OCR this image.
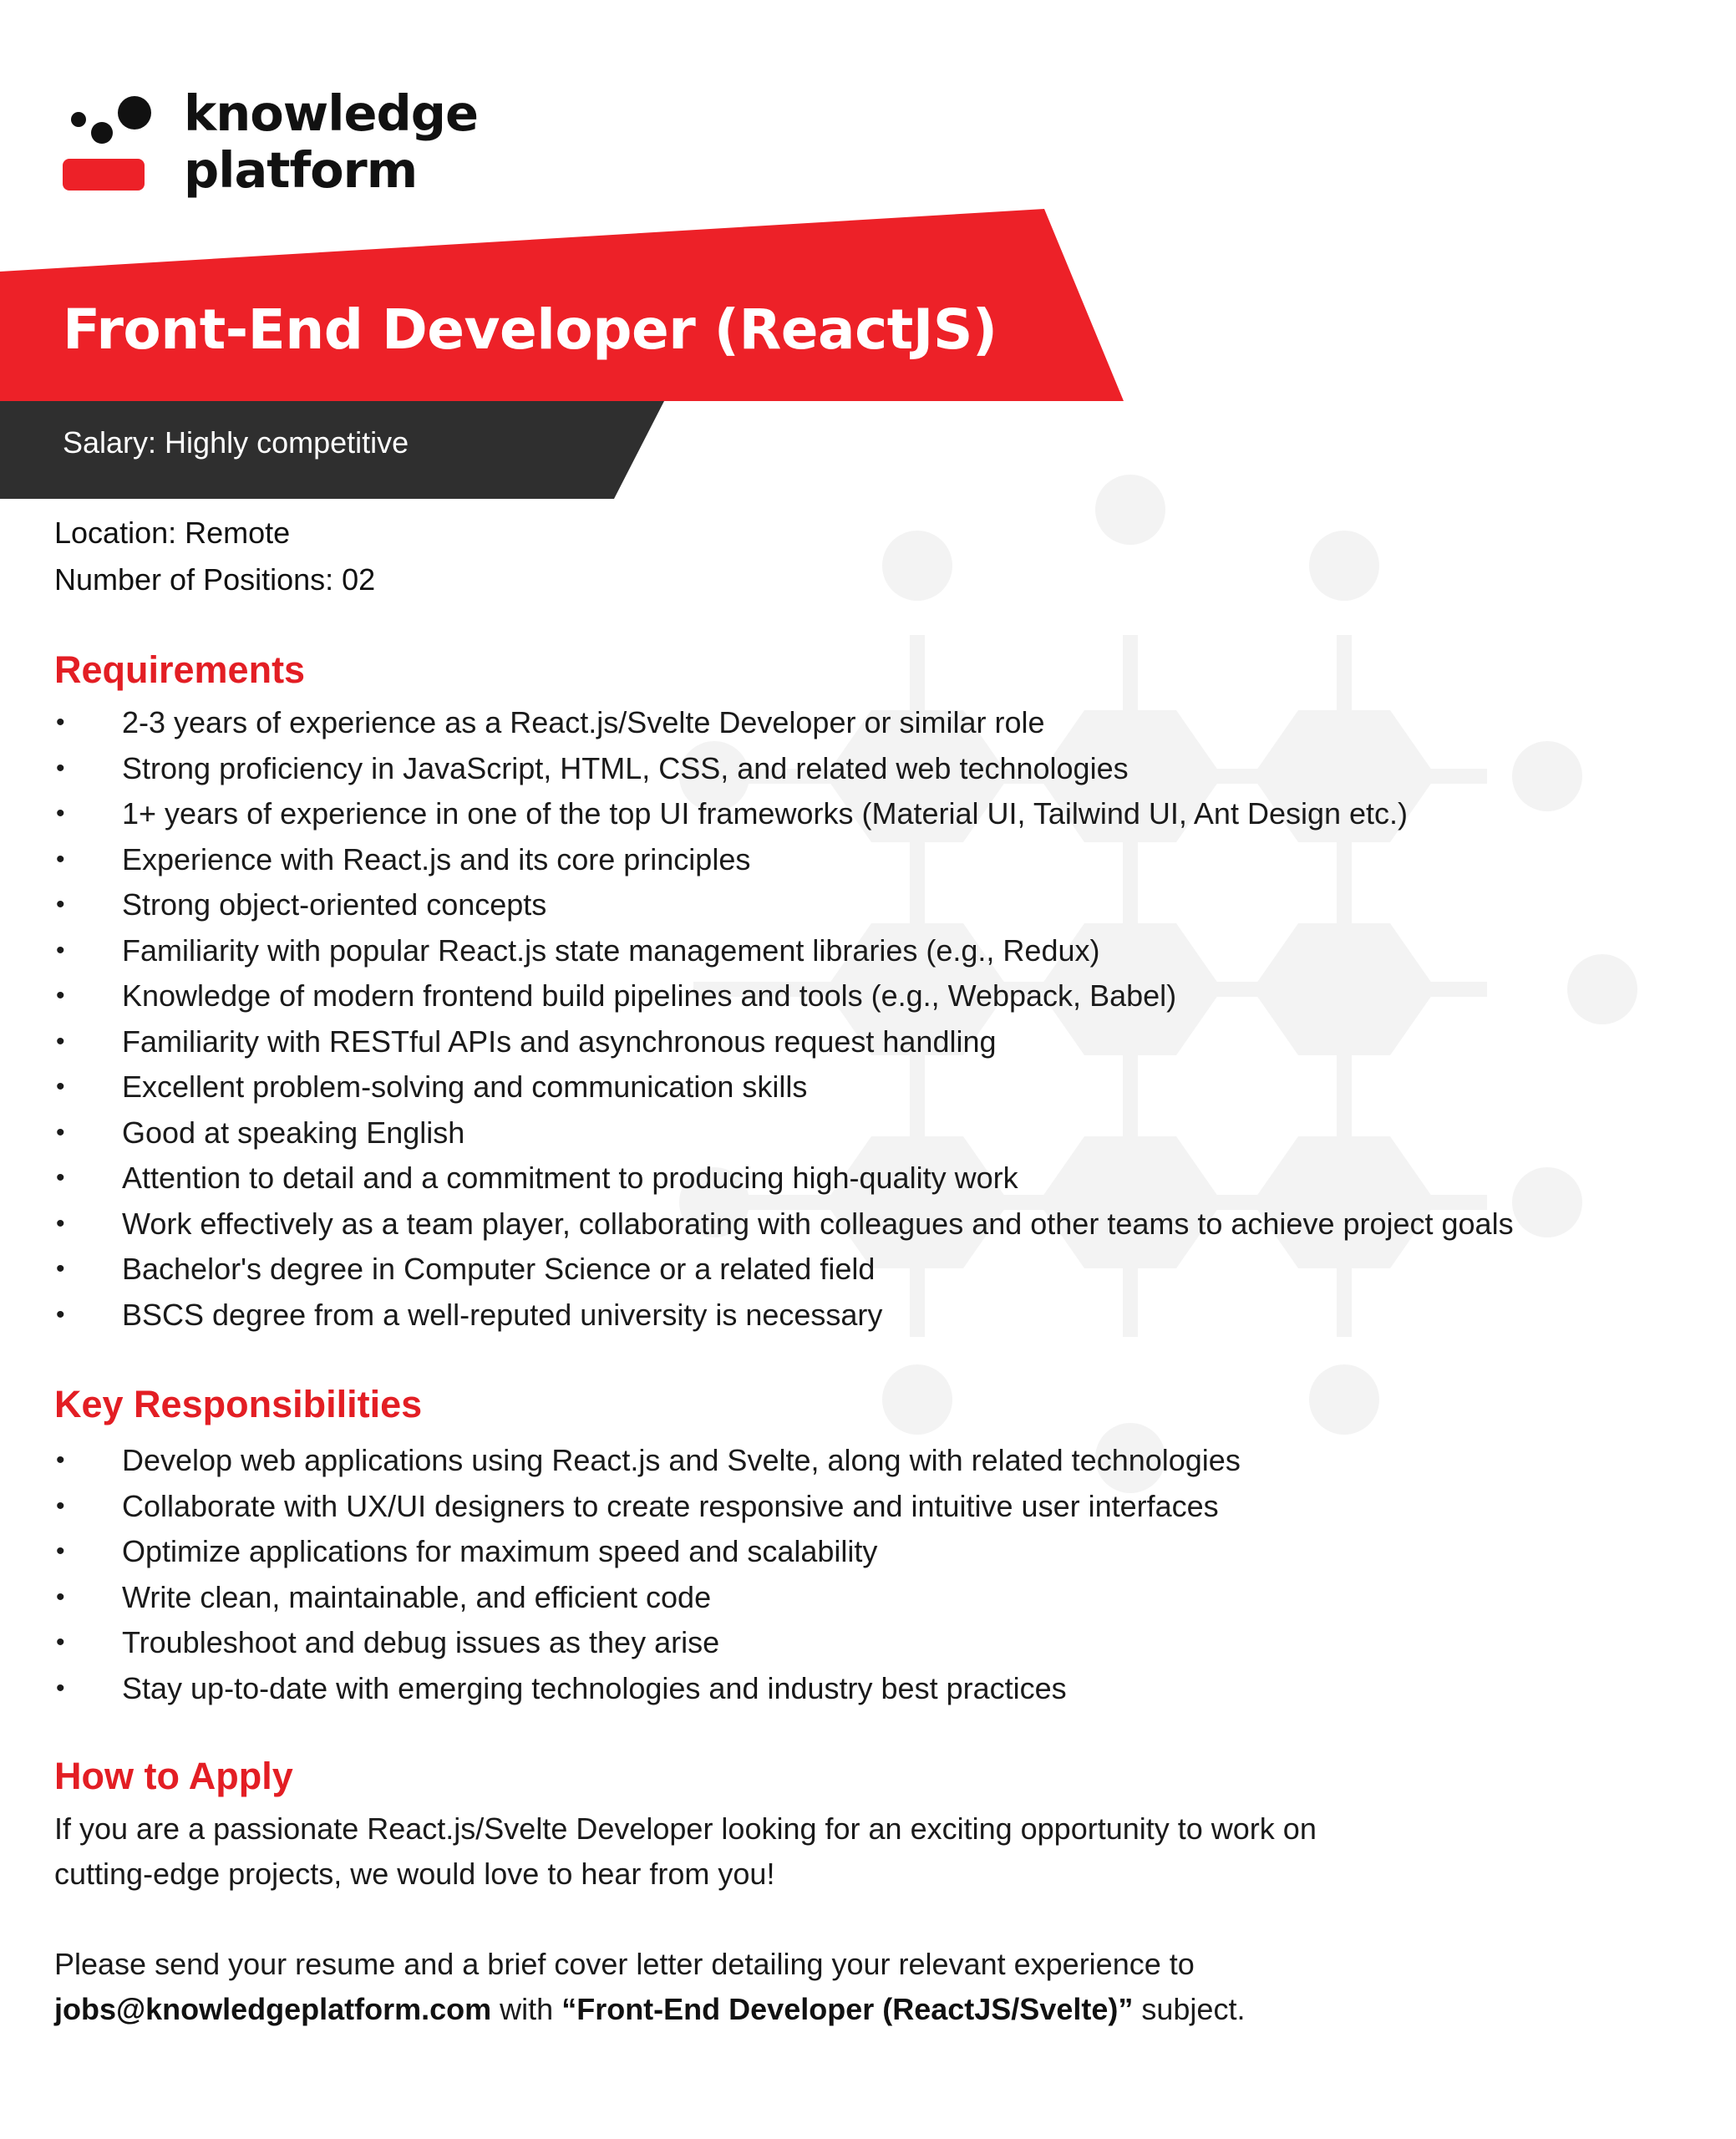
knowledge
platform
Front-End Developer (ReactJS)
Salary: Highly competitive
Location: Remote
Number of Positions: 02
Requirements
• 2-3 years of experience as a React.js/Svelte Developer or similar role
• Strong proficiency in JavaScript, HTML, CSS, and related web technologies
• 1+ years of experience in one of the top UI frameworks (Material UI, Tailwind UI, Ant Design etc.)
• Experience with React.js and its core principles
• Strong object-oriented concepts
• Familiarity with popular React.js state management libraries (e.g., Redux)
• Knowledge of modern frontend build pipelines and tools (e.g., Webpack, Babel)
• Familiarity with RESTful APIs and asynchronous request handling
• Excellent problem-solving and communication skills
• Good at speaking English
• Attention to detail and a commitment to producing high-quality work
• Work effectively as a team player, collaborating with colleagues and other teams to achieve project goals
• Bachelor's degree in Computer Science or a related field
• BSCS degree from a well-reputed university is necessary
Key Responsibilities
• Develop web applications using React.js and Svelte, along with related technologies
• Collaborate with UX/UI designers to create responsive and intuitive user interfaces
• Optimize applications for maximum speed and scalability
• Write clean, maintainable, and efficient code
• Troubleshoot and debug issues as they arise
• Stay up-to-date with emerging technologies and industry best practices
How to Apply

If you are a passionate React.js/Svelte Developer looking for an exciting opportunity to work on

cutting-edge projects, we would love to hear from you!

Please send your resume and a brief cover letter detailing your relevant experience to

jobs@knowledgeplatform.com with “Front-End Developer (ReactJS/Svelte)” subject.
